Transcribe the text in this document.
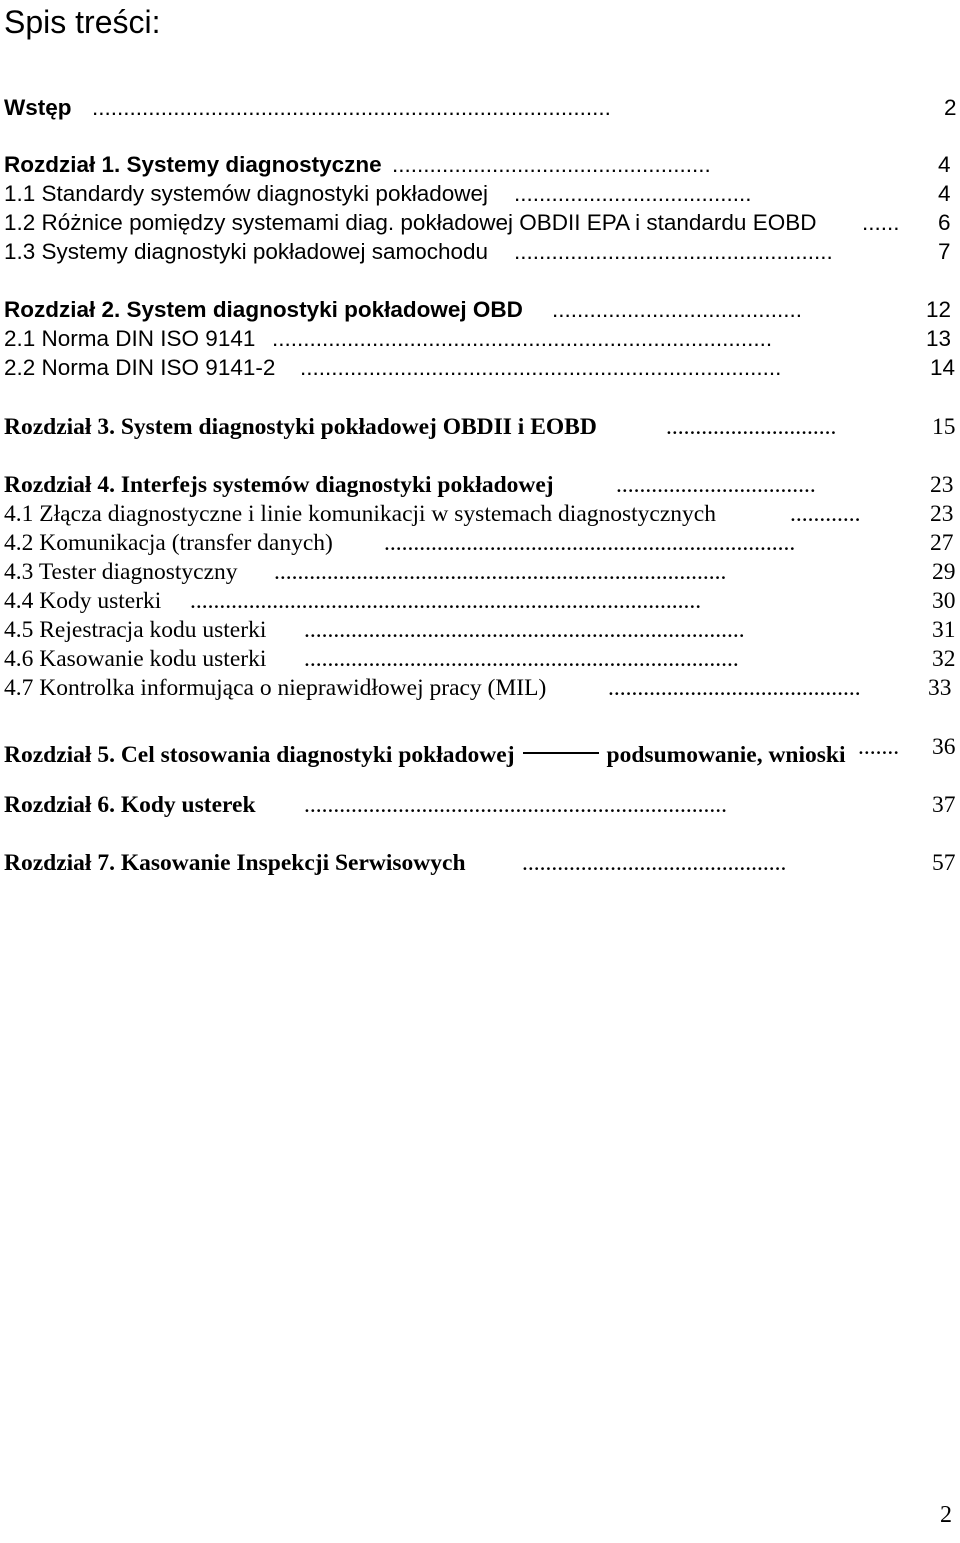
Spis treści:
Wstęp ...................................................................................	2
Rozdział 1. Systemy diagnostyczne ...................................................	4
1.1 Standardy systemów diagnostyki pokładowej ......................................	4
1.2 Różnice pomiędzy systemami diag. pokładowej OBDII EPA i standardu EOBD ...... 6
1.3 Systemy diagnostyki pokładowej samochodu ...................................................	7
Rozdział 2. System diagnostyki pokładowej OBD ........................................	12
2.1 Norma DIN ISO 9141 ................................................................................	13
2.2 Norma DIN ISO 9141-2 .............................................................................	14
Rozdział 3. System diagnostyki pokładowej OBDII i EOBD	.............................	15
Rozdział 4. Interfejs systemów diagnostyki pokładowej	..................................	23
4.1 Złącza diagnostyczne i linie komunikacji w systemach diagnostycznych	............	23
4.2 Komunikacja (transfer danych) ......................................................................	27
4.3 Tester diagnostyczny .............................................................................	29
4.4 Kody usterki .......................................................................................	30
4.5 Rejestracja kodu usterki ...........................................................................	31
4.6 Kasowanie kodu usterki ..........................................................................	32
4.7 Kontrolka informująca o nieprawidłowej pracy (MIL)	...........................................	33
Rozdział 5. Cel stosowania diagnostyki pokładowej	podsumowanie, wnioski ....... 36
Rozdział 6. Kody usterek ........................................................................	37
Rozdział 7. Kasowanie Inspekcji Serwisowych .............................................	57
2
